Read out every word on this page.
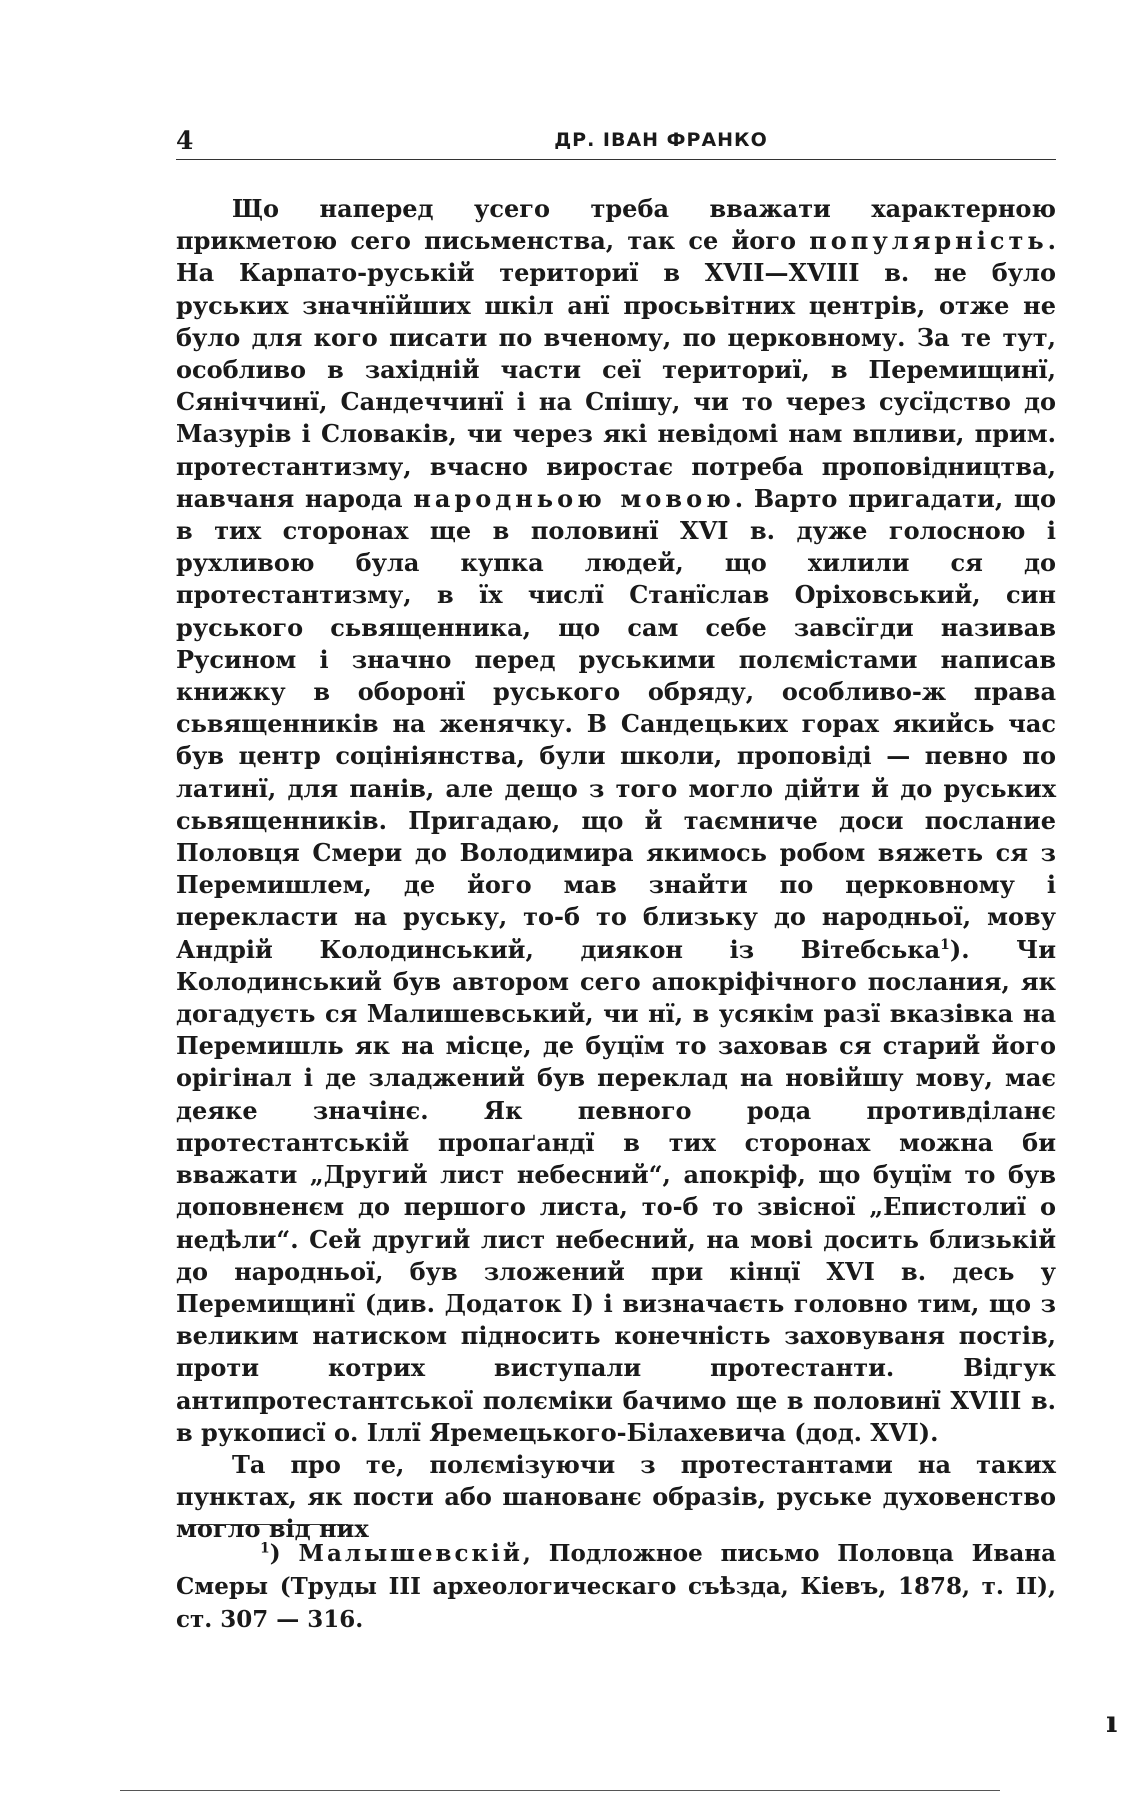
4	ДР. ІВАН ФРАНКО

Що наперед усего треба вважати характерною прикметою сего письменства, так се його популярність. На Карпато-руській териториї в XVII—XVIII в. не було руських значнїйших шкіл анї просьвітних центрів, отже не було для кого писати по вченому, по церковному. За те тут, особливо в західній части сеї териториї, в Перемищинї, Сяніччинї, Сандеччинї і на Спішу, чи то через сусїдство до Мазурів і Словаків, чи через які невідомі нам впливи, прим. протестантизму, вчасно виростає потреба проповідництва, навчаня народа народньою мовою. Варто пригадати, що в тих сторонах ще в половинї XVI в. дуже голосною і рухливою була купка людей, що хилили ся до протестантизму, в їх числї Станїслав Оріховський, син руського сьвященника, що сам себе завсїгди називав Русином і значно перед руськими полємістами написав книжку в оборонї руського обряду, особливо-ж права сьвященників на женячку. В Сандецьких горах якийсь час був центр соцініянства, були школи, проповіді — певно по латинї, для панів, але дещо з того могло дійти й до руських сьвященників. Пригадаю, що й таємниче доси послание Половця Смери до Володимира якимось робом вяжеть ся з Перемишлем, де його мав знайти по церковному і перекласти на руську, то-б то близьку до народньої, мову Андрій Колодинський, диякон із Вітебська$^1$). Чи Колодинський був автором сего апокріфічного послания, як догадуєть ся Малишевський, чи нї, в усякім разї вказівка на Перемишль як на місце, де буцїм то заховав ся старий його орігінал і де зладжений був переклад на новійшу мову, має деяке значінє. Як певного рода противділанє протестантській пропаґандї в тих сторонах можна би вважати „Другий лист небесний“, апокріф, що буцїм то був доповненєм до першого листа, то-б то звісної „Епистолиї о недѣли“. Сей другий лист небесний, на мові досить близькій до народньої, був зложений при кінцї XVI в. десь у Перемищинї (див. Додаток I) і визначаєть головно тим, що з великим натиском підносить конечність заховуваня постів, проти котрих виступали протестанти. Відгук антипротестантської полємiки бачимо ще в половинї XVIII в. в рукописї о. Іллї Яремецького-Білахевича (дод. XVI).

Та про те, полємізуючи з протестантами на таких пунктах, як пости або шанованє образів, руське духовенство могло від них

$^1$) Малышевскiй, Подложное письмо Половца Ивана Смеры (Труды III археологическаго съѣзда, Кiевъ, 1878, т. II), ст. 307 — 316.

ı
